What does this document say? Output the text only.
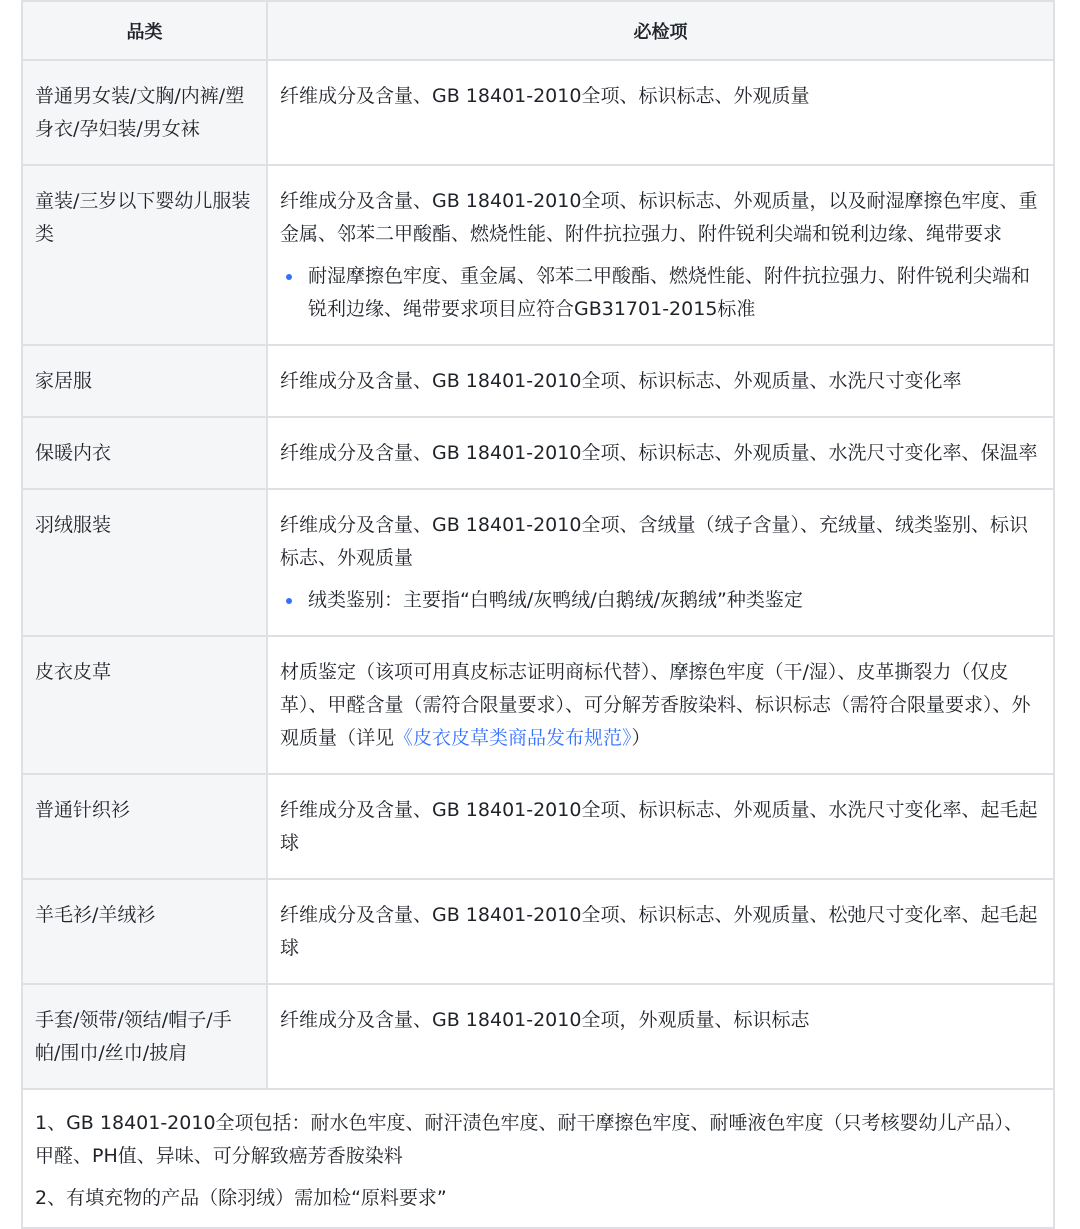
品类	必检项

普通男女装/文胸/内裤/塑身衣/孕妇装/男女袜	纤维成分及含量、GB 18401-2010全项、标识标志、外观质量

童装/三岁以下婴幼儿服装类	纤维成分及含量、GB 18401-2010全项、标识标志、外观质量，以及耐湿摩擦色牢度、重金属、邻苯二甲酸酯、燃烧性能、附件抗拉强力、附件锐利尖端和锐利边缘、绳带要求
耐湿摩擦色牢度、重金属、邻苯二甲酸酯、燃烧性能、附件抗拉强力、附件锐利尖端和锐利边缘、绳带要求项目应符合GB31701-2015标准

家居服	纤维成分及含量、GB 18401-2010全项、标识标志、外观质量、水洗尺寸变化率

保暖内衣	纤维成分及含量、GB 18401-2010全项、标识标志、外观质量、水洗尺寸变化率、保温率

羽绒服装	纤维成分及含量、GB 18401-2010全项、含绒量（绒子含量）、充绒量、绒类鉴别、标识标志、外观质量
绒类鉴别：主要指“白鸭绒/灰鸭绒/白鹅绒/灰鹅绒”种类鉴定

皮衣皮草	材质鉴定（该项可用真皮标志证明商标代替）、摩擦色牢度（干/湿）、皮革撕裂力（仅皮革）、甲醛含量（需符合限量要求）、可分解芳香胺染料、标识标志（需符合限量要求）、外观质量（详见《皮衣皮草类商品发布规范》）

普通针织衫	纤维成分及含量、GB 18401-2010全项、标识标志、外观质量、水洗尺寸变化率、起毛起球

羊毛衫/羊绒衫	纤维成分及含量、GB 18401-2010全项、标识标志、外观质量、松弛尺寸变化率、起毛起球

手套/领带/领结/帽子/手帕/围巾/丝巾/披肩	纤维成分及含量、GB 18401-2010全项，外观质量、标识标志

1、GB 18401-2010全项包括：耐水色牢度、耐汗渍色牢度、耐干摩擦色牢度、耐唾液色牢度（只考核婴幼儿产品）、甲醛、PH值、异味、可分解致癌芳香胺染料
2、有填充物的产品（除羽绒）需加检“原料要求”	
